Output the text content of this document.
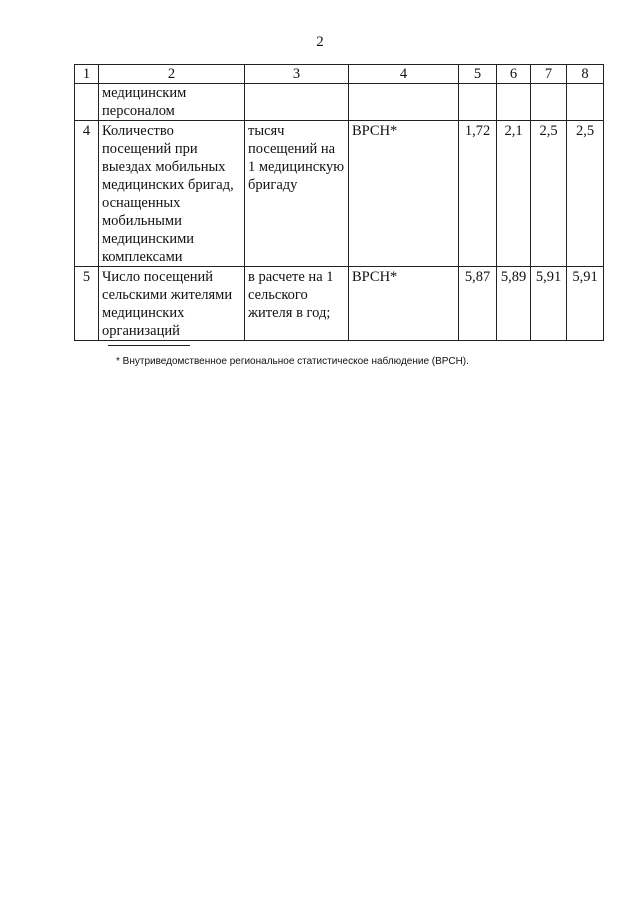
2
1	2	3	4	5	6	7	8
	медицинским персоналом						
4	Количество посещений при выездах мобильных медицинских бригад, оснащенных мобильными медицинскими комплексами	тысяч посещений на 1 медицинскую бригаду	ВРСН*	1,72	2,1	2,5	2,5
5	Число посещений сельскими жителями медицинских организаций	в расчете на 1 сельского жителя в год;	ВРСН*	5,87	5,89	5,91	5,91
* Внутриведомственное региональное статистическое наблюдение (ВРСН).
